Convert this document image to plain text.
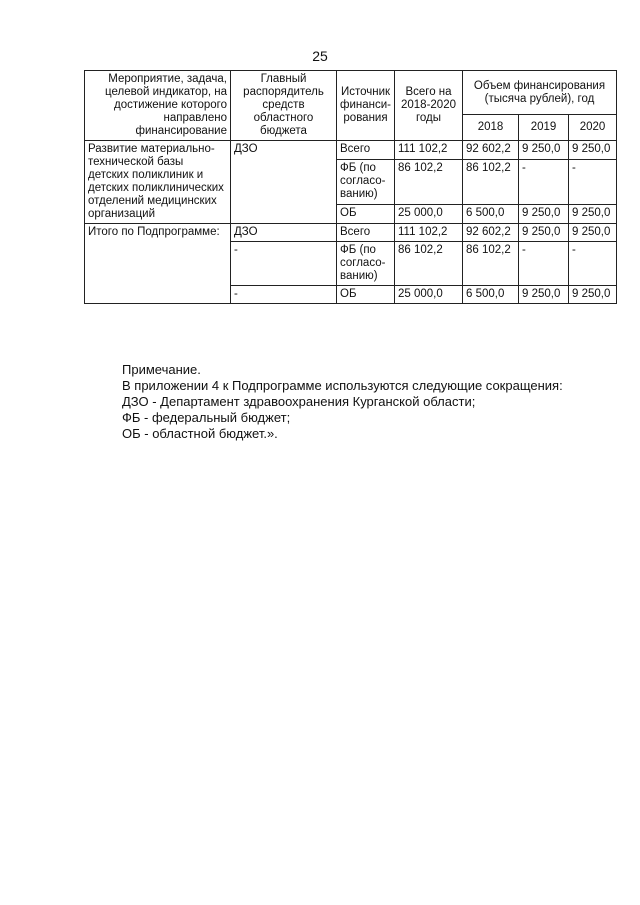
25
Мероприятие, задача, целевой индикатор, на достижение которого направлено финансирование	Главный распорядитель средств областного бюджета	Источник финансирования	Всего на 2018-2020 годы	Объем финансирования (тысяча рублей), год		
				2018	2019	2020
Развитие материально-технической базы детских поликлиник и детских поликлинических отделений медицинских организаций	ДЗО	Всего	111 102,2	92 602,2	9 250,0	9 250,0
		ФБ (по согласованию)	86 102,2	86 102,2	-	-
		ОБ	25 000,0	6 500,0	9 250,0	9 250,0
Итого по Подпрограмме:	ДЗО	Всего	111 102,2	92 602,2	9 250,0	9 250,0
	-	ФБ (по согласованию)	86 102,2	86 102,2	-	-
	-	ОБ	25 000,0	6 500,0	9 250,0	9 250,0
Примечание.
В приложении 4 к Подпрограмме используются следующие сокращения:
ДЗО - Департамент здравоохранения Курганской области;
ФБ - федеральный бюджет;
ОБ - областной бюджет.».
